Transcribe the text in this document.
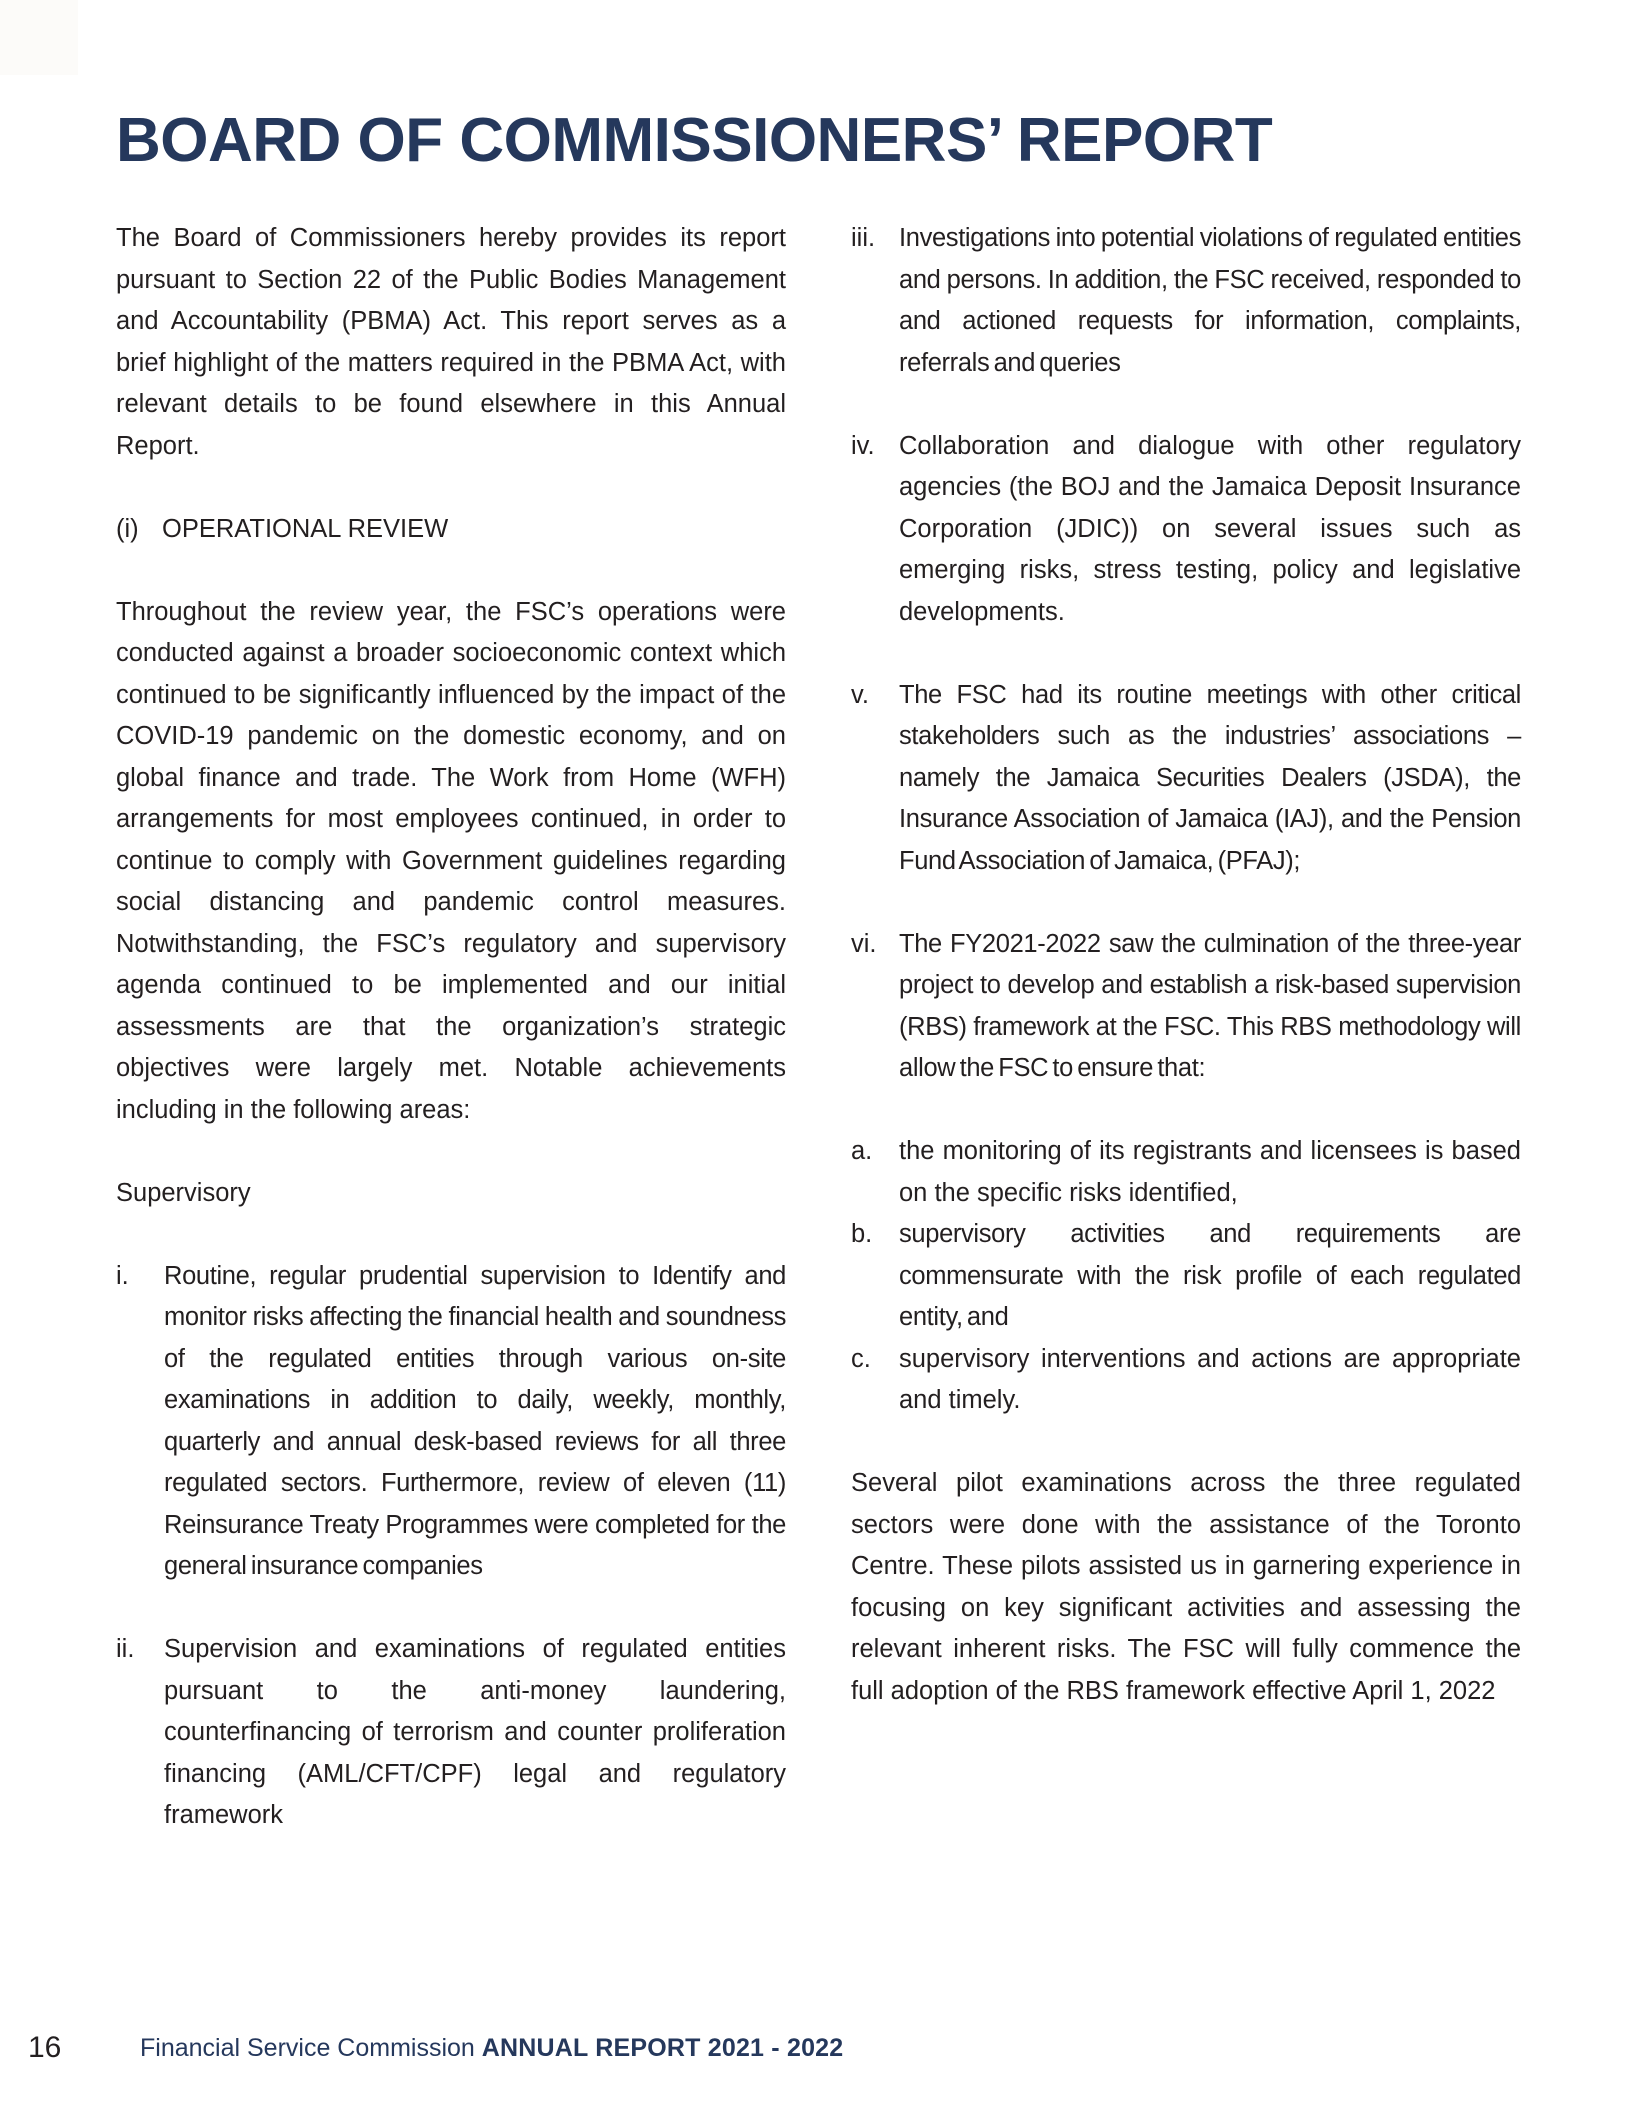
BOARD OF COMMISSIONERS’ REPORT

The Board of Commissioners hereby provides its report pursuant to Section 22 of the Public Bodies Management and Accountability (PBMA) Act. This report serves as a brief highlight of the matters required in the PBMA Act, with relevant details to be found elsewhere in this Annual Report.

(i) OPERATIONAL REVIEW

Throughout the review year, the FSC’s operations were conducted against a broader socioeconomic context which continued to be significantly influenced by the impact of the COVID-19 pandemic on the domestic economy, and on global finance and trade. The Work from Home (WFH) arrangements for most employees continued, in order to continue to comply with Government guidelines regarding social distancing and pandemic control measures. Notwithstanding, the FSC’s regulatory and supervisory agenda continued to be implemented and our initial assessments are that the organization’s strategic objectives were largely met. Notable achievements including in the following areas:

Supervisory
i.	Routine, regular prudential supervision to Identify and monitor risks affecting the financial health and soundness of the regulated entities through various on-site examinations in addition to daily, weekly, monthly, quarterly and annual desk-based reviews for all three regulated sectors. Furthermore, review of eleven (11) Reinsurance Treaty Programmes were completed for the general insurance companies
ii.	Supervision and examinations of regulated entities pursuant to the anti-money laundering, counterfinancing of terrorism and counter proliferation financing (AML/CFT/CPF) legal and regulatory framework
iii. Investigations into potential violations of regulated entities and persons. In addition, the FSC received, responded to and actioned requests for information, complaints, referrals and queries
iv. Collaboration and dialogue with other regulatory agencies (the BOJ and the Jamaica Deposit Insurance Corporation (JDIC)) on several issues such as emerging risks, stress testing, policy and legislative developments.
v.	The FSC had its routine meetings with other critical stakeholders such as the industries’ associations – namely the Jamaica Securities Dealers (JSDA), the Insurance Association of Jamaica (IAJ), and the Pension Fund Association of Jamaica, (PFAJ);
vi. The FY2021-2022 saw the culmination of the three-year project to develop and establish a risk-based supervision (RBS) framework at the FSC. This RBS methodology will allow the FSC to ensure that:
a.	the monitoring of its registrants and licensees is based on the specific risks identified,
b.	supervisory activities and requirements are commensurate with the risk profile of each regulated entity, and
c.	supervisory interventions and actions are appropriate and timely.

Several pilot examinations across the three regulated sectors were done with the assistance of the Toronto Centre. These pilots assisted us in garnering experience in focusing on key significant activities and assessing the relevant inherent risks. The FSC will fully commence the full adoption of the RBS framework effective April 1, 2022

16	Financial Service Commission ANNUAL REPORT 2021 - 2022
